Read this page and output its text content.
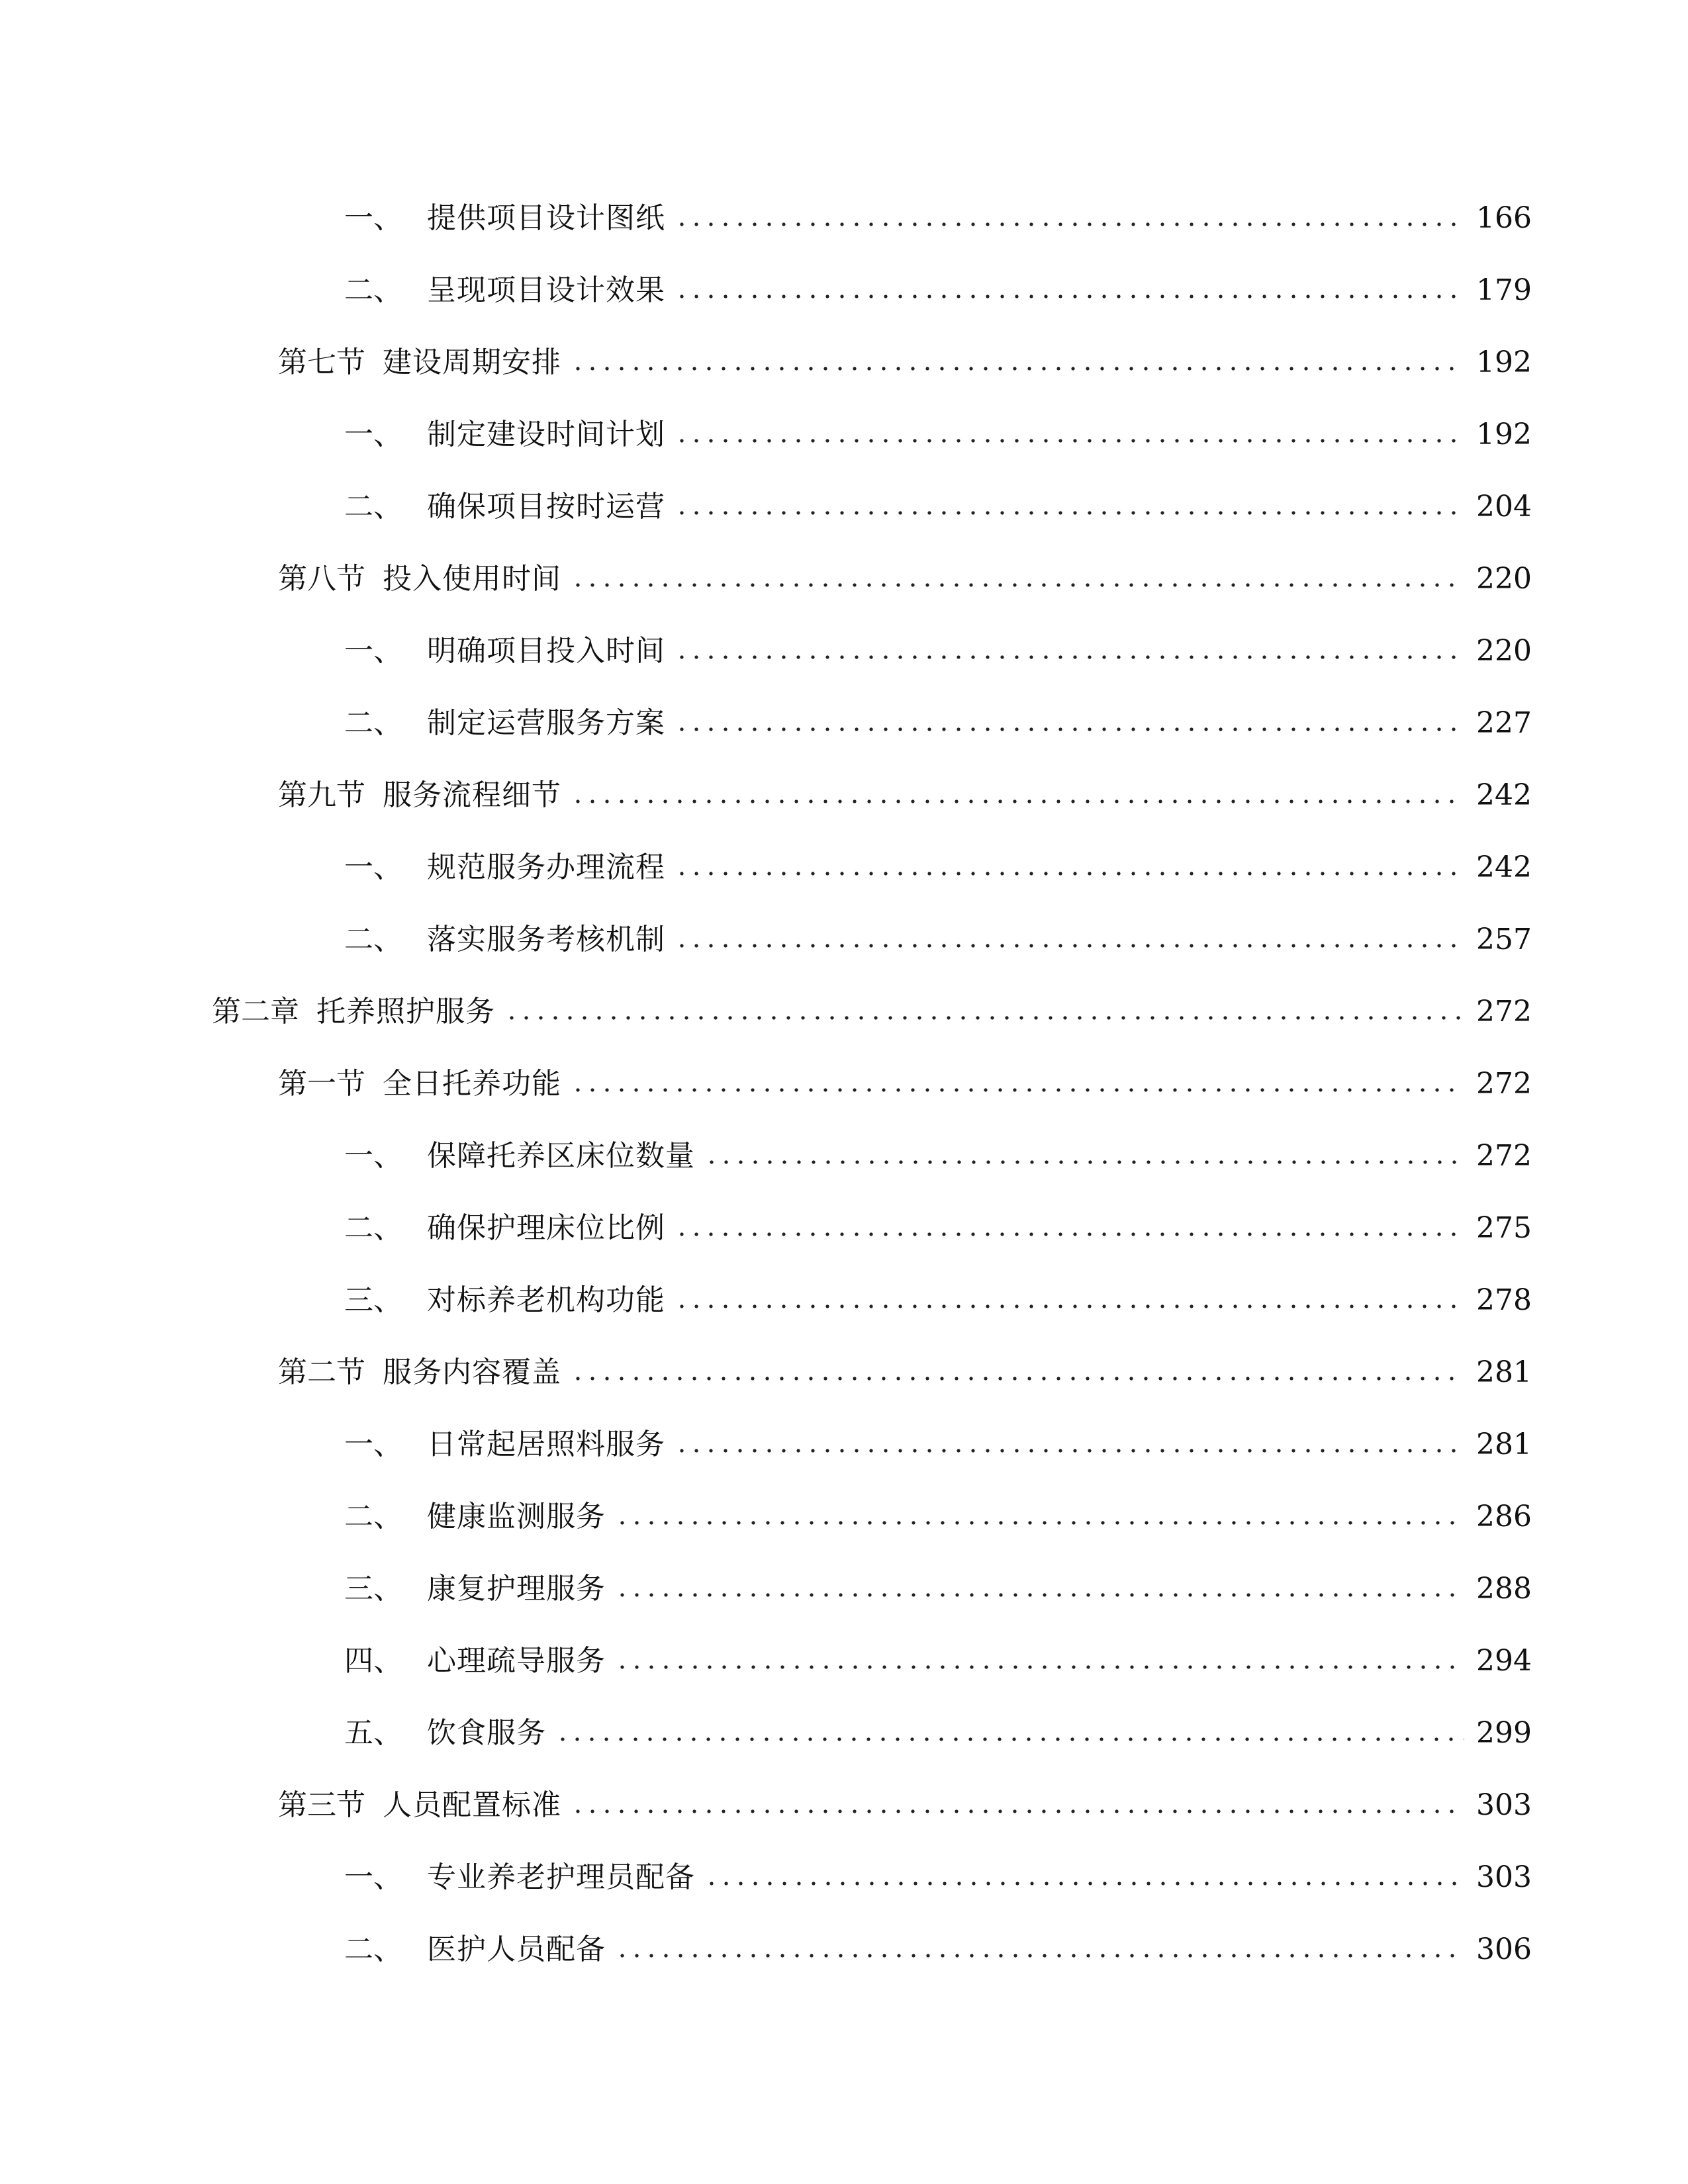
一、 提供项目设计图纸	166
二、 呈现项目设计效果	179
第七节 建设周期安排	192
一、 制定建设时间计划	192
二、 确保项目按时运营	204
第八节 投入使用时间	220
一、 明确项目投入时间	220
二、 制定运营服务方案	227
第九节 服务流程细节	242
一、 规范服务办理流程	242
二、 落实服务考核机制	257
第二章 托养照护服务	272
第一节 全日托养功能	272
一、 保障托养区床位数量	272
二、 确保护理床位比例	275
三、 对标养老机构功能	278
第二节 服务内容覆盖	281
一、 日常起居照料服务	281
二、 健康监测服务	286
三、 康复护理服务	288
四、 心理疏导服务	294
五、 饮食服务	299
第三节 人员配置标准	303
一、 专业养老护理员配备	303
二、 医护人员配备	306
